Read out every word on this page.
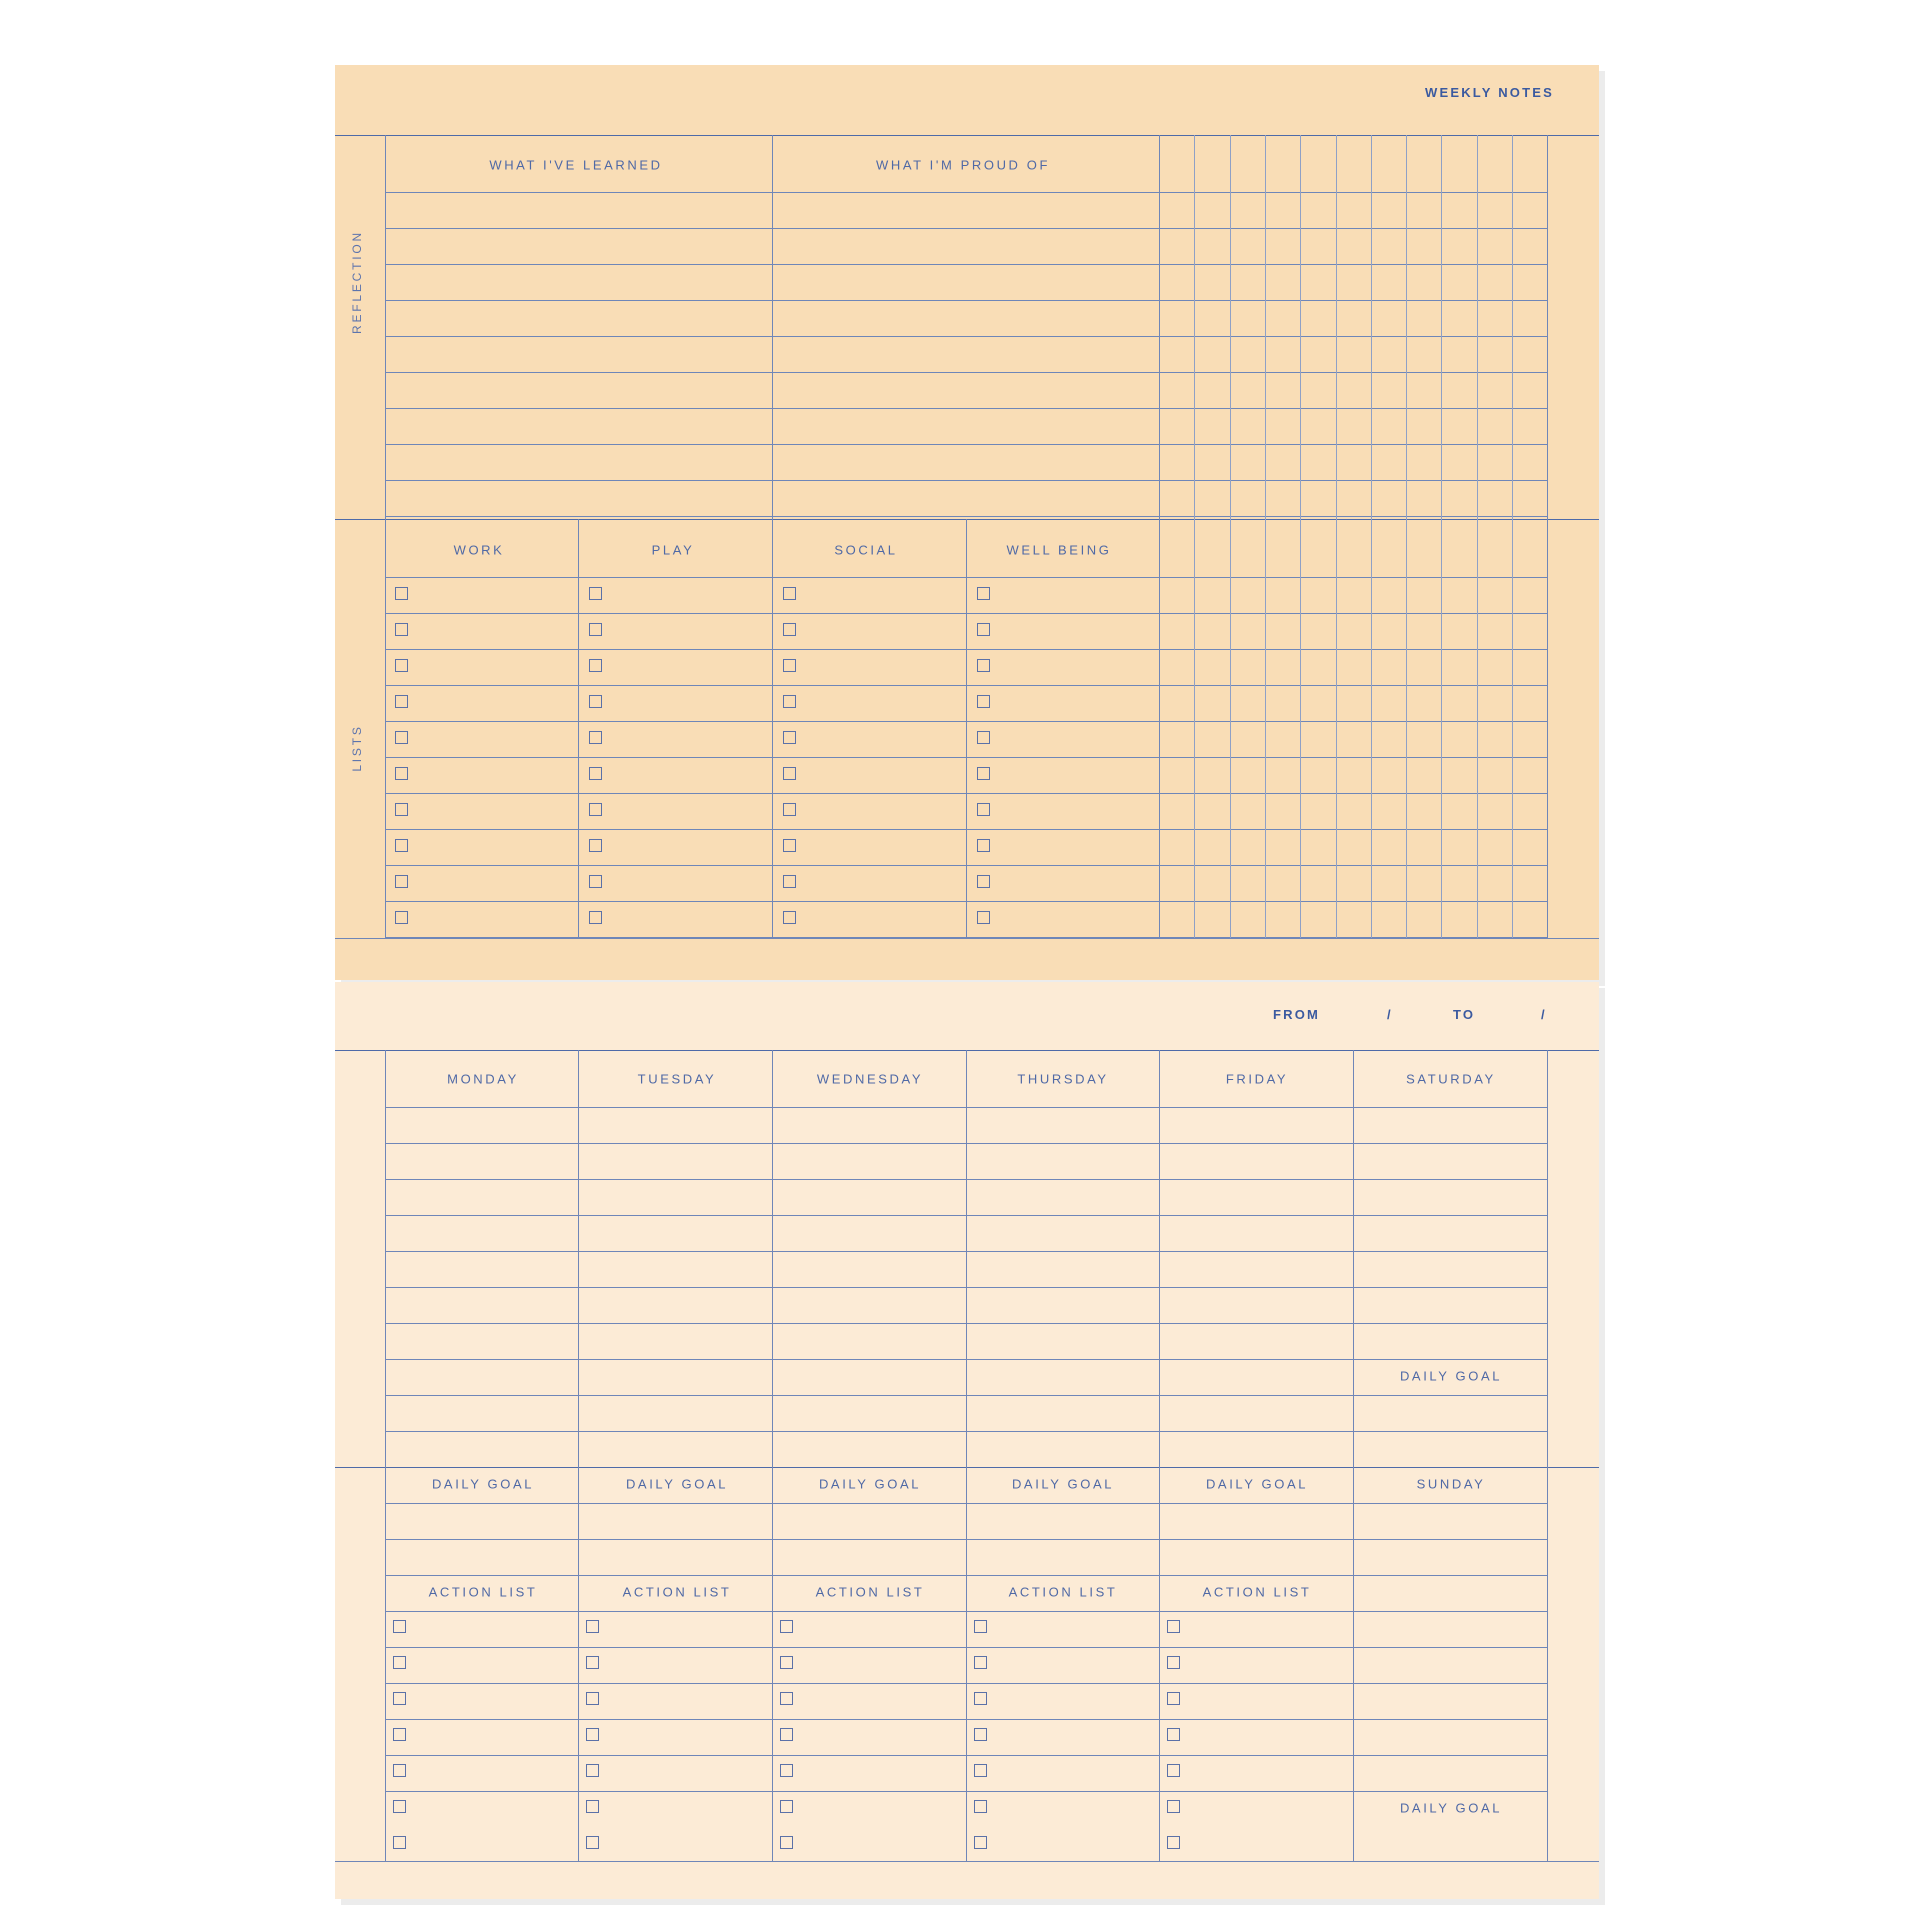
WEEKLY NOTES
REFLECTION
LISTS
WHAT I'VE LEARNED	WHAT I'M PROUD OF
WORK	PLAY	SOCIAL	WELL BEING
FROM	/	TO	/
MONDAY	TUESDAY	WEDNESDAY	THURSDAY	FRIDAY	SATURDAY
DAILY GOAL
DAILY GOAL	DAILY GOAL	DAILY GOAL	DAILY GOAL	DAILY GOAL	SUNDAY
ACTION LIST	ACTION LIST	ACTION LIST	ACTION LIST	ACTION LIST
DAILY GOAL
